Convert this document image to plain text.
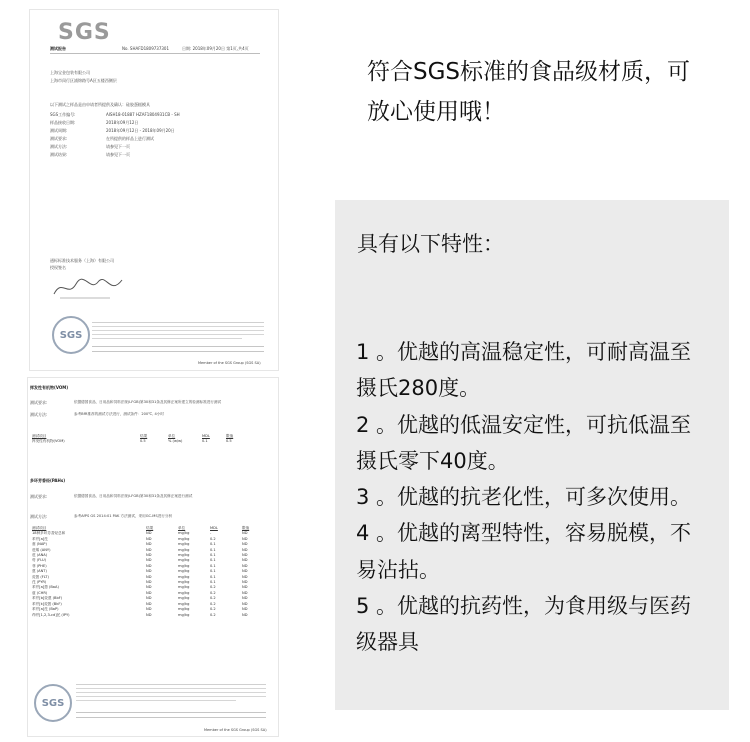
SGS
测试报告	No. SHAFD1809737301	日期: 2018年09月20日 第1页,共4页
上海宝金包装有限公司
上海市闵行区浦锦路号A区五楼西侧层
以下测试之样品是由申请者所提供及确认：硅胶蛋糕模具
SGS工作编号:	AISH18-01887 HZAF1804931CB - SH
样品接收日期:	2018年09月12日
测试周期:	2018年09月12日 - 2018年09月20日
测试要求:	在所提供的样品上进行测试
测试方法:	请参见下一页
测试结果:	请参见下一页
通标标准技术服务（上海）有限公司
授权签名
SGS
Member of the SGS Group (SGS SA)
挥发性有机物(VOM)
测试要求:	依据德国食品、日用品和饲料法规(LFGB)第30和31条及其修正案所建立的检测标准进行测试
测试方法:	参考BfR推荐的测试方法进行，测试条件：200℃, 4小时
测试项目	结果	单位	MDL	限值
挥发性有机物(VOM)	0.5	% (w/w)	0.1	0.5
多环芳香烃(PAHs)
测试要求:	依据德国食品、日用品和饲料法规(LFGB)第30和31条及其修正案进行测试
测试方法:	参考AfPS GS 2014:01 PAK 方法测试，采用GC-MS进行分析
测试项目	结果	单位	MDL	限值
18种多环芳香烃总和	ND	mg/kg	-	ND
苯并[a]芘	ND	mg/kg	0.2	ND
萘 (NAP)	ND	mg/kg	0.1	ND
苊烯 (ANY)	ND	mg/kg	0.1	ND
苊 (ANA)	ND	mg/kg	0.1	ND
芴 (FLU)	ND	mg/kg	0.1	ND
菲 (PHE)	ND	mg/kg	0.1	ND
蒽 (ANT)	ND	mg/kg	0.1	ND
荧蒽 (FLT)	ND	mg/kg	0.1	ND
芘 (PYR)	ND	mg/kg	0.1	ND
苯并[a]蒽 (BaA)	ND	mg/kg	0.2	ND
䓛 (CHR)	ND	mg/kg	0.2	ND
苯并[b]荧蒽 (BbF)	ND	mg/kg	0.2	ND
苯并[k]荧蒽 (BkF)	ND	mg/kg	0.2	ND
苯并[a]芘 (BaP)	ND	mg/kg	0.2	ND
茚并[1,2,3-cd]芘 (IPY)	ND	mg/kg	0.2	ND
SGS
Member of the SGS Group (SGS SA)
符合SGS标准的食品级材质，可放心使用哦！
具有以下特性：
1 。优越的高温稳定性，可耐高温至摄氏280度。
2 。优越的低温安定性，可抗低温至摄氏零下40度。
3 。优越的抗老化性，可多次使用。
4 。优越的离型特性，容易脱模，不易沾拈。
5 。优越的抗药性，为食用级与医药级器具
